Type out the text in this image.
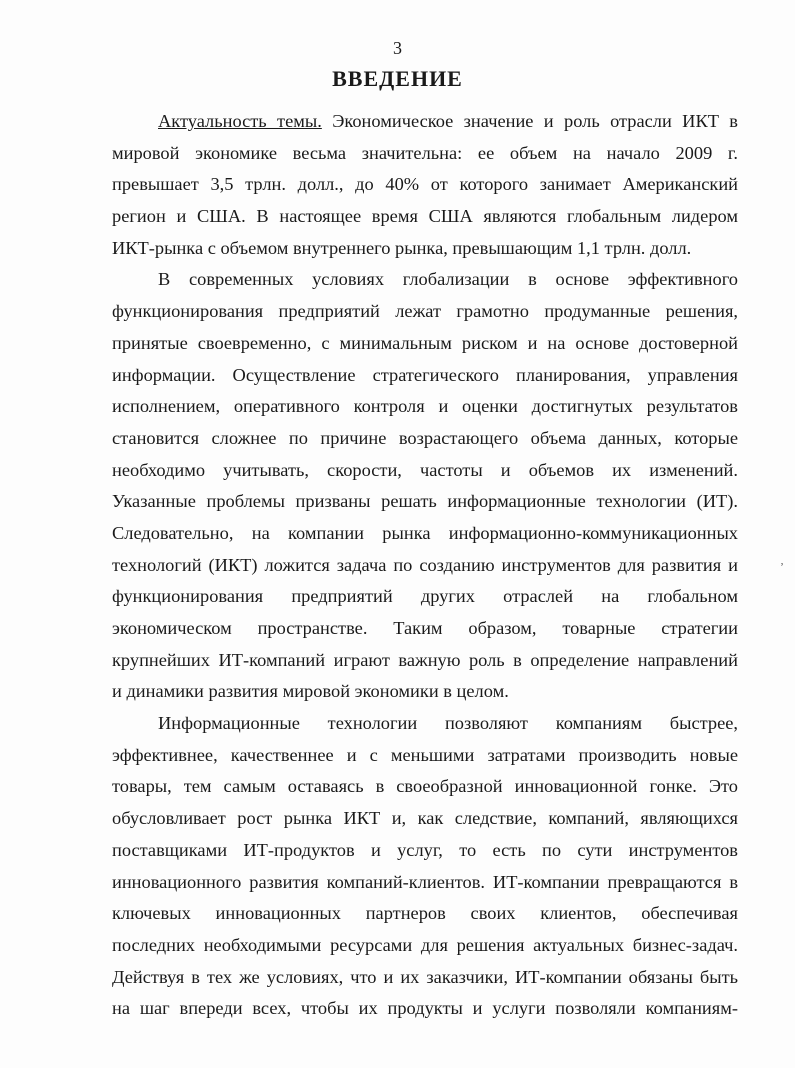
3
ВВЕДЕНИЕ
Актуальность темы. Экономическое значение и роль отрасли ИКТ в
мировой экономике весьма значительна: ее объем на начало 2009 г.
превышает 3,5 трлн. долл., до 40% от которого занимает Американский
регион и США. В настоящее время США являются глобальным лидером
ИКТ-рынка с объемом внутреннего рынка, превышающим 1,1 трлн. долл.
В современных условиях глобализации в основе эффективного
функционирования предприятий лежат грамотно продуманные решения,
принятые своевременно, с минимальным риском и на основе достоверной
информации. Осуществление стратегического планирования, управления
исполнением, оперативного контроля и оценки достигнутых результатов
становится сложнее по причине возрастающего объема данных, которые
необходимо учитывать, скорости, частоты и объемов их изменений.
Указанные проблемы призваны решать информационные технологии (ИТ).
Следовательно, на компании рынка информационно-коммуникационных
технологий (ИКТ) ложится задача по созданию инструментов для развития и
функционирования предприятий других отраслей на глобальном
экономическом пространстве. Таким образом, товарные стратегии
крупнейших ИТ-компаний играют важную роль в определение направлений
и динамики развития мировой экономики в целом.
Информационные технологии позволяют компаниям быстрее,
эффективнее, качественнее и с меньшими затратами производить новые
товары, тем самым оставаясь в своеобразной инновационной гонке. Это
обусловливает рост рынка ИКТ и, как следствие, компаний, являющихся
поставщиками ИТ-продуктов и услуг, то есть по сути инструментов
инновационного развития компаний-клиентов. ИТ-компании превращаются в
ключевых инновационных партнеров своих клиентов, обеспечивая
последних необходимыми ресурсами для решения актуальных бизнес-задач.
Действуя в тех же условиях, что и их заказчики, ИТ-компании обязаны быть
на шаг впереди всех, чтобы их продукты и услуги позволяли компаниям-
‚
